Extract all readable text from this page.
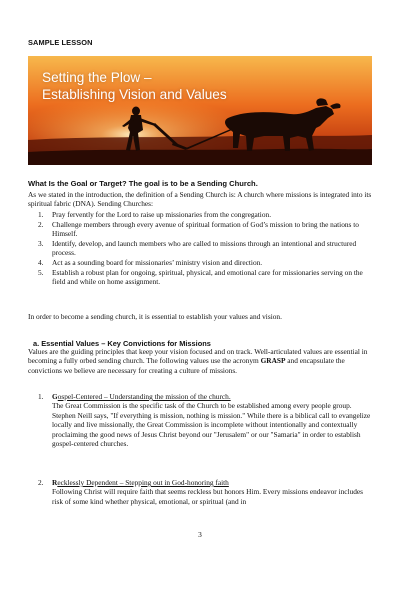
SAMPLE LESSON
Setting the Plow –
Establishing Vision and Values
What Is the Goal or Target? The goal is to be a Sending Church.
As we stated in the introduction, the definition of a Sending Church is: A church where missions is integrated into its spiritual fabric (DNA). Sending Churches:
1. Pray fervently for the Lord to raise up missionaries from the congregation.
2. Challenge members through every avenue of spiritual formation of God’s mission to bring the nations to Himself.
3. Identify, develop, and launch members who are called to missions through an intentional and structured process.
4. Act as a sounding board for missionaries’ ministry vision and direction.
5. Establish a robust plan for ongoing, spiritual, physical, and emotional care for missionaries serving on the field and while on home assignment.
In order to become a sending church, it is essential to establish your values and vision.
a. Essential Values – Key Convictions for Missions
Values are the guiding principles that keep your vision focused and on track. Well-articulated values are essential in becoming a fully orbed sending church. The following values use the acronym GRASP and encapsulate the convictions we believe are necessary for creating a culture of missions.
1. Gospel-Centered – Understanding the mission of the church.
The Great Commission is the specific task of the Church to be established among every people group. Stephen Neill says, "If everything is mission, nothing is mission." While there is a biblical call to evangelize locally and live missionally, the Great Commission is incomplete without intentionally and contextually proclaiming the good news of Jesus Christ beyond our "Jerusalem" or our "Samaria" in order to establish gospel-centered churches.
2. Recklessly Dependent – Stepping out in God-honoring faith
Following Christ will require faith that seems reckless but honors Him. Every missions endeavor includes risk of some kind whether physical, emotional, or spiritual (and in
3
